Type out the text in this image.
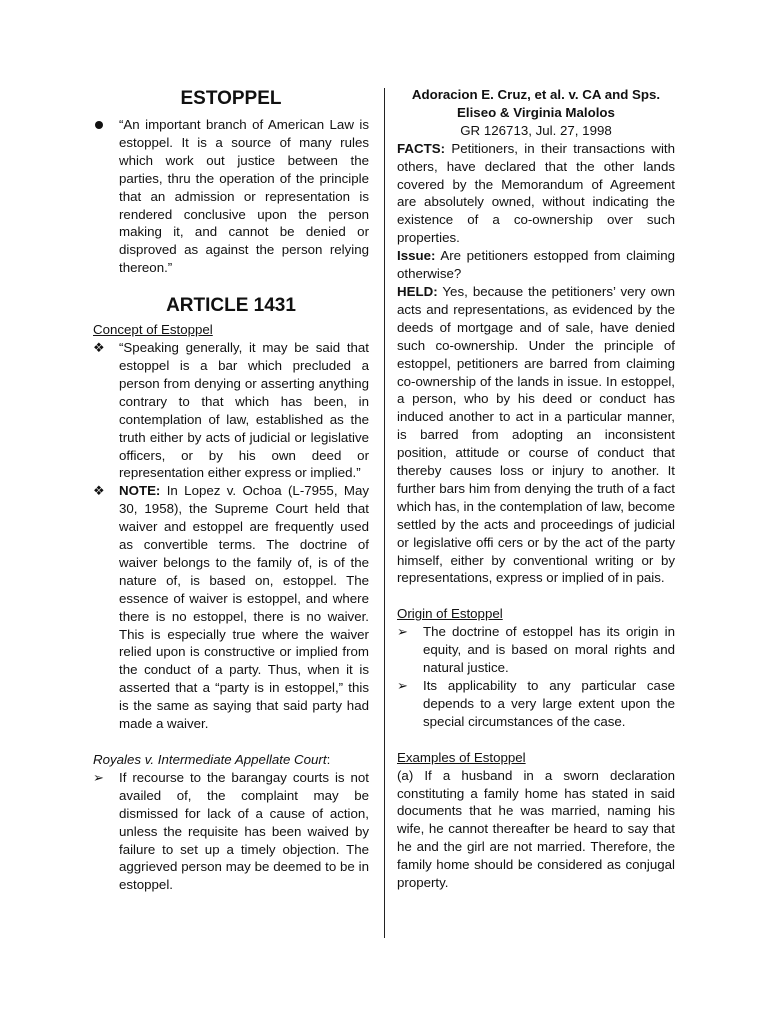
ESTOPPEL
“An important branch of American Law is estoppel. It is a source of many rules which work out justice between the parties, thru the operation of the principle that an admission or representation is rendered conclusive upon the person making it, and cannot be denied or disproved as against the person relying thereon.”
ARTICLE 1431
Concept of Estoppel
❖	“Speaking generally, it may be said that estoppel is a bar which precluded a person from denying or asserting anything contrary to that which has been, in contemplation of law, established as the truth either by acts of judicial or legislative officers, or by his own deed or representation either express or implied.”
❖	NOTE: In Lopez v. Ochoa (L-7955, May 30, 1958), the Supreme Court held that waiver and estoppel are frequently used as convertible terms. The doctrine of waiver belongs to the family of, is of the nature of, is based on, estoppel. The essence of waiver is estoppel, and where there is no estoppel, there is no waiver. This is especially true where the waiver relied upon is constructive or implied from the conduct of a party. Thus, when it is asserted that a “party is in estoppel,” this is the same as saying that said party had made a waiver.
Royales v. Intermediate Appellate Court:
➢	If recourse to the barangay courts is not availed of, the complaint may be dismissed for lack of a cause of action, unless the requisite has been waived by failure to set up a timely objection. The aggrieved person may be deemed to be in estoppel.
Adoracion E. Cruz, et al. v. CA and Sps.
Eliseo & Virginia Malolos
GR 126713, Jul. 27, 1998
FACTS: Petitioners, in their transactions with others, have declared that the other lands covered by the Memorandum of Agreement are absolutely owned, without indicating the existence of a co-ownership over such properties.
Issue: Are petitioners estopped from claiming otherwise?
HELD: Yes, because the petitioners’ very own acts and representations, as evidenced by the deeds of mortgage and of sale, have denied such co-ownership. Under the principle of estoppel, petitioners are barred from claiming co-ownership of the lands in issue. In estoppel, a person, who by his deed or conduct has induced another to act in a particular manner, is barred from adopting an inconsistent position, attitude or course of conduct that thereby causes loss or injury to another. It further bars him from denying the truth of a fact which has, in the contemplation of law, become settled by the acts and proceedings of judicial or legislative offi cers or by the act of the party himself, either by conventional writing or by representations, express or implied of in pais.
Origin of Estoppel
➢	The doctrine of estoppel has its origin in equity, and is based on moral rights and natural justice.
➢	Its applicability to any particular case depends to a very large extent upon the special circumstances of the case.
Examples of Estoppel
(a) If a husband in a sworn declaration constituting a family home has stated in said documents that he was married, naming his wife, he cannot thereafter be heard to say that he and the girl are not married. Therefore, the family home should be considered as conjugal property.
